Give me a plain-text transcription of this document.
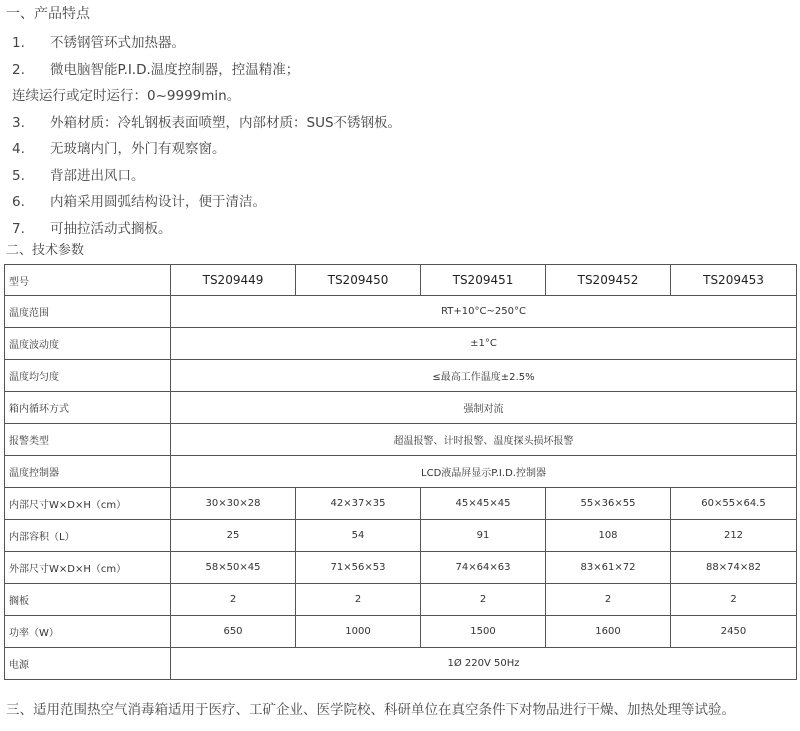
一、产品特点
1. 不锈钢管环式加热器。
2. 微电脑智能P.I.D.温度控制器，控温精准；
连续运行或定时运行：0~9999min。
3. 外箱材质：冷轧钢板表面喷塑，内部材质：SUS不锈钢板。
4. 无玻璃内门，外门有观察窗。
5. 背部进出风口。
6. 内箱采用圆弧结构设计，便于清洁。
7. 可抽拉活动式搁板。
二、技术参数
型号	TS209449	TS209450	TS209451	TS209452	TS209453
温度范围	RT+10°C~250°C				
温度波动度	±1°C				
温度均匀度	≤最高工作温度±2.5%				
箱内循环方式	强制对流				
报警类型	超温报警、计时报警、温度探头损坏报警				
温度控制器	LCD液晶屏显示P.I.D.控制器				
内部尺寸W×D×H（cm）	30×30×28	42×37×35	45×45×45	55×36×55	60×55×64.5
内部容积（L）	25	54	91	108	212
外部尺寸W×D×H（cm）	58×50×45	71×56×53	74×64×63	83×61×72	88×74×82
搁板	2	2	2	2	2
功率（W）	650	1000	1500	1600	2450
电源	1Ø 220V 50Hz				
三、适用范围热空气消毒箱适用于医疗、工矿企业、医学院校、科研单位在真空条件下对物品进行干燥、加热处理等试验。
